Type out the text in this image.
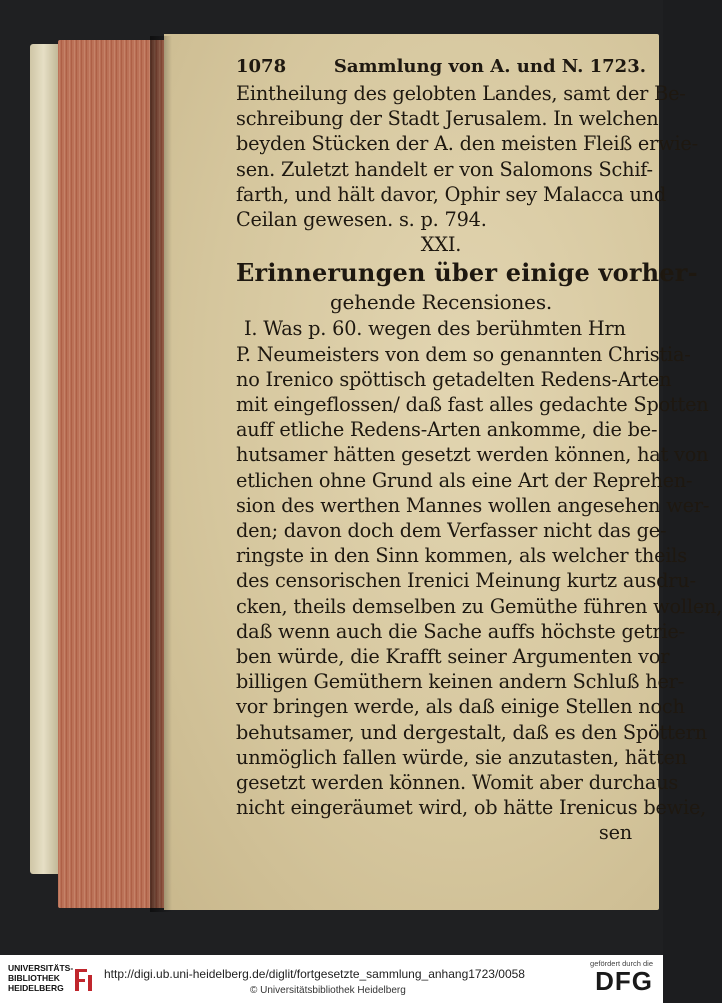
1078	Sammlung von A. und N. 1723.
Eintheilung des gelobten Landes, samt der Be-
schreibung der Stadt Jerusalem. In welchen
beyden Stücken der A. den meisten Fleiß erwie-
sen. Zuletzt handelt er von Salomons Schif-
farth, und hält davor, Ophir sey Malacca und
Ceilan gewesen. s. p. 794.
XXI.
Erinnerungen über einige vorher-
gehende Recensiones.
I. Was p. 60. wegen des berühmten Hrn
P. Neumeisters von dem so genannten Christia-
no Irenico spöttisch getadelten Redens-Arten
mit eingeflossen/ daß fast alles gedachte Spotten
auff etliche Redens-Arten ankomme, die be-
hutsamer hätten gesetzt werden können, hat von
etlichen ohne Grund als eine Art der Reprehen-
sion des werthen Mannes wollen angesehen wer-
den; davon doch dem Verfasser nicht das ge-
ringste in den Sinn kommen, als welcher theils
des censorischen Irenici Meinung kurtz ausdru-
cken, theils demselben zu Gemüthe führen wollen,
daß wenn auch die Sache auffs höchste getrie-
ben würde, die Krafft seiner Argumenten vor
billigen Gemüthern keinen andern Schluß her-
vor bringen werde, als daß einige Stellen noch
behutsamer, und dergestalt, daß es den Spöttern
unmöglich fallen würde, sie anzutasten, hätten
gesetzt werden können. Womit aber durchaus
nicht eingeräumet wird, ob hätte Irenicus bewie,
sen
UNIVERSITÄTS-
BIBLIOTHEK
HEIDELBERG
http://digi.ub.uni-heidelberg.de/diglit/fortgesetzte_sammlung_anhang1723/0058
© Universitätsbibliothek Heidelberg
gefördert durch die
DFG
